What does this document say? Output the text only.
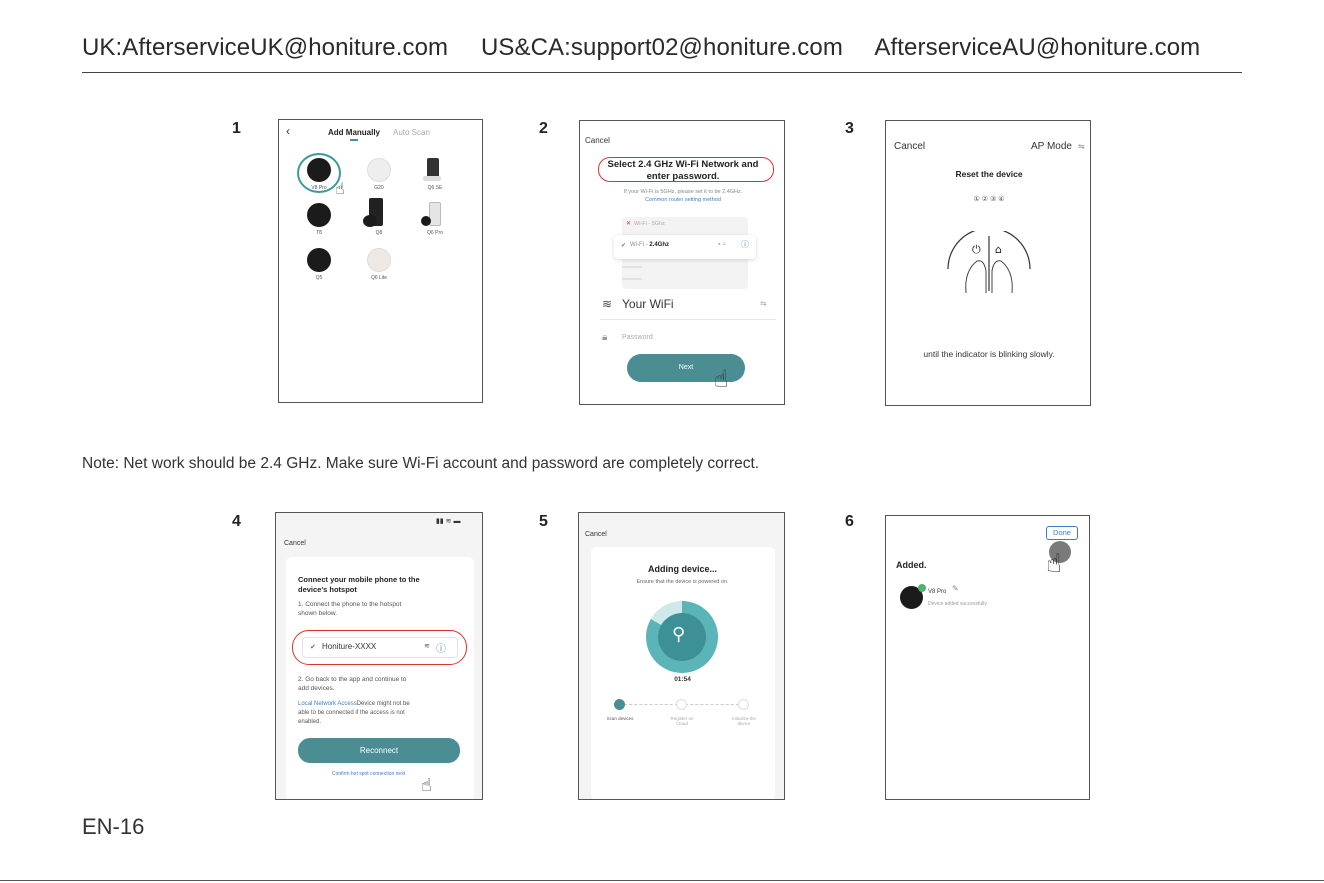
UK:AfterserviceUK@honiture.com US&CA:support02@honiture.com AfterserviceAU@honiture.com
1	‹	Add Manually Auto Scan
V8 Pro ☝	G20	Q6 SE
T8	Q8	Q6 Pro
Q5	Q6 Lite
2
Cancel
Select 2.4 GHz Wi-Fi Network and
enter password.
If your Wi-Fi is 5GHz, please set it to be 2.4GHz.
Common router setting method
✕ Wi-Fi - 5Ghz
✔ Wi-Fi - 2.4Ghz	▪ ≈ ⓘ
≋ Your WiFi	⇋
🔒︎ Password
Next ☝
3
Cancel	AP Mode ⇋
Reset the device
① ② ③ ④
⏻ ⌂
until the indicator is blinking slowly.
Note: Net work should be 2.4 GHz. Make sure Wi-Fi account and password are completely correct.
4	▮▮ ≋ ▬
Cancel
Connect your mobile phone to the
device's hotspot
1. Connect the phone to the hotspot
shown below.
✔ Honiture-XXXX	≋ ⓘ
2. Go back to the app and continue to
add devices.
Local Network AccessDevice might not be
able to be connected if the access is not
enabled.
Reconnect
Confirm hot spot connection next
☝
5
Cancel
Adding device...
Ensure that the device is powered on.
⚲
01:54
Scan devices	Register on Cloud
Initialize the device
6
Done
☝
Added.
V8 Pro ✎
Device added successfully
EN-16
